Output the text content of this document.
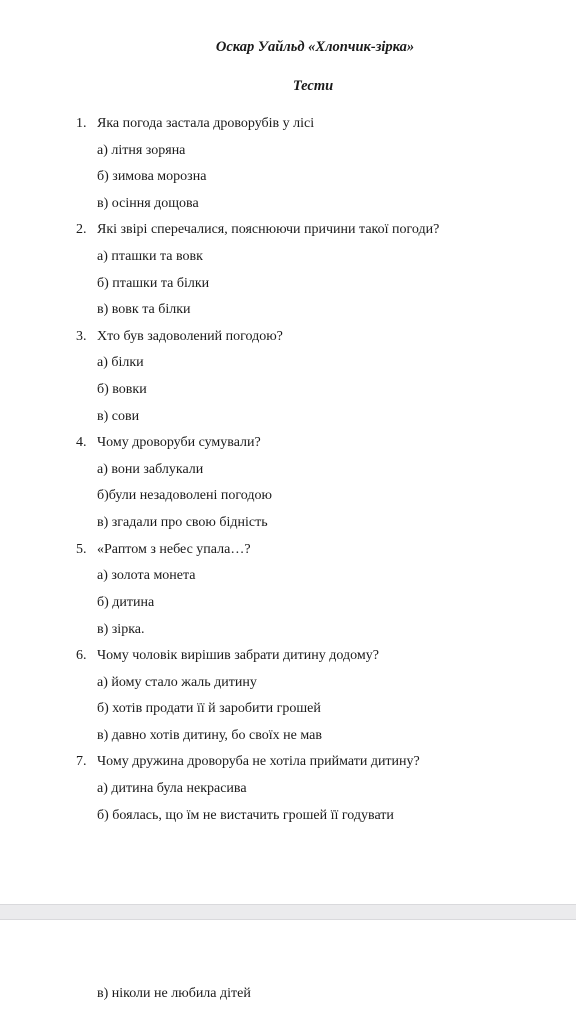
Оскар Уайльд «Хлопчик-зірка»
Тести
1. Яка погода застала дроворубів у лісі
а) літня зоряна
б) зимова морозна
в) осіння дощова
2. Які звірі сперечалися, пояснюючи причини такої погоди?
а) пташки та вовк
б) пташки та білки
в) вовк та білки
3. Хто був задоволений погодою?
а) білки
б) вовки
в) сови
4. Чому дроворуби сумували?
а) вони заблукали
б)були незадоволені погодою
в) згадали про свою бідність
5. «Раптом з небес упала…?
а) золота монета
б) дитина
в) зірка.
6. Чому чоловік вирішив забрати дитину додому?
а) йому стало жаль дитину
б) хотів продати її й заробити грошей
в) давно хотів дитину, бо своїх не мав
7. Чому дружина дроворуба не хотіла приймати дитину?
а) дитина була некрасива
б) боялась, що їм не вистачить грошей її годувати
в) ніколи не любила дітей
